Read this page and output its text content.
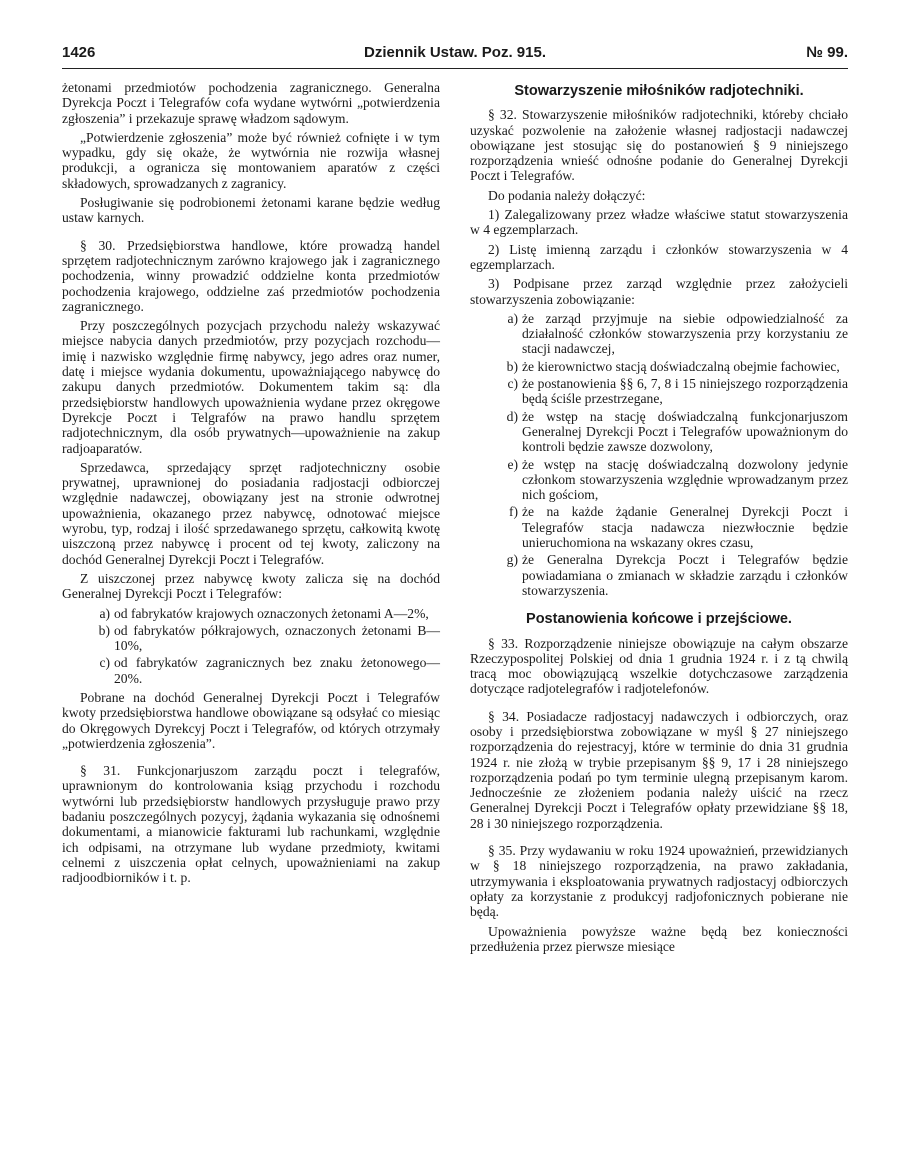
1426	Dziennik Ustaw. Poz. 915.	№ 99.

żetonami przedmiotów pochodzenia zagranicznego. Generalna Dyrekcja Poczt i Telegrafów cofa wydane wytwórni „potwierdzenia zgłoszenia” i przekazuje sprawę władzom sądowym.

„Potwierdzenie zgłoszenia” może być również cofnięte i w tym wypadku, gdy się okaże, że wytwórnia nie rozwija własnej produkcji, a ogranicza się montowaniem aparatów z części składowych, sprowadzanych z zagranicy.

Posługiwanie się podrobionemi żetonami karane będzie według ustaw karnych.

§ 30. Przedsiębiorstwa handlowe, które prowadzą handel sprzętem radjotechnicznym zarówno krajowego jak i zagranicznego pochodzenia, winny prowadzić oddzielne konta przedmiotów pochodzenia krajowego, oddzielne zaś przedmiotów pochodzenia zagranicznego.

Przy poszczególnych pozycjach przychodu należy wskazywać miejsce nabycia danych przedmiotów, przy pozycjach rozchodu—imię i nazwisko względnie firmę nabywcy, jego adres oraz numer, datę i miejsce wydania dokumentu, upoważniającego nabywcę do zakupu danych przedmiotów. Dokumentem takim są: dla przedsiębiorstw handlowych upoważnienia wydane przez okręgowe Dyrekcje Poczt i Telgrafów na prawo handlu sprzętem radjotechnicznym, dla osób prywatnych—upoważnienie na zakup radjoaparatów.

Sprzedawca, sprzedający sprzęt radjotechniczny osobie prywatnej, uprawnionej do posiadania radjostacji odbiorczej względnie nadawczej, obowiązany jest na stronie odwrotnej upoważnienia, okazanego przez nabywcę, odnotować miejsce wyrobu, typ, rodzaj i ilość sprzedawanego sprzętu, całkowitą kwotę uiszczoną przez nabywcę i procent od tej kwoty, zaliczony na dochód Generalnej Dyrekcji Poczt i Telegrafów.

Z uiszczonej przez nabywcę kwoty zalicza się na dochód Generalnej Dyrekcji Poczt i Telegrafów:

a) od fabrykatów krajowych oznaczonych żetonami A—2%,
b) od fabrykatów półkrajowych, oznaczonych żetonami B—10%,
c) od fabrykatów zagranicznych bez znaku żetonowego—20%.

Pobrane na dochód Generalnej Dyrekcji Poczt i Telegrafów kwoty przedsiębiorstwa handlowe obowiązane są odsyłać co miesiąc do Okręgowych Dyrekcyj Poczt i Telegrafów, od których otrzymały „potwierdzenia zgłoszenia”.

§ 31. Funkcjonarjuszom zarządu poczt i telegrafów, uprawnionym do kontrolowania ksiąg przychodu i rozchodu wytwórni lub przedsiębiorstw handlowych przysługuje prawo przy badaniu poszczególnych pozycyj, żądania wykazania się odnośnemi dokumentami, a mianowicie fakturami lub rachunkami, względnie ich odpisami, na otrzymane lub wydane przedmioty, kwitami celnemi z uiszczenia opłat celnych, upoważnieniami na zakup radjoodbiorników i t. p.

Stowarzyszenie miłośników radjotechniki.

§ 32. Stowarzyszenie miłośników radjotechniki, któreby chciało uzyskać pozwolenie na założenie własnej radjostacji nadawczej obowiązane jest stosując się do postanowień § 9 niniejszego rozporządzenia wnieść odnośne podanie do Generalnej Dyrekcji Poczt i Telegrafów.

Do podania należy dołączyć:

1) Zalegalizowany przez władze właściwe statut stowarzyszenia w 4 egzemplarzach.

2) Listę imienną zarządu i członków stowarzyszenia w 4 egzemplarzach.

3) Podpisane przez zarząd względnie przez założycieli stowarzyszenia zobowiązanie:

a) że zarząd przyjmuje na siebie odpowiedzialność za działalność członków stowarzyszenia przy korzystaniu ze stacji nadawczej,
b) że kierownictwo stacją doświadczalną obejmie fachowiec,
c) że postanowienia §§ 6, 7, 8 i 15 niniejszego rozporządzenia będą ściśle przestrzegane,
d) że wstęp na stację doświadczalną funkcjonarjuszom Generalnej Dyrekcji Poczt i Telegrafów upoważnionym do kontroli będzie zawsze dozwolony,
e) że wstęp na stację doświadczalną dozwolony jedynie członkom stowarzyszenia względnie wprowadzanym przez nich gościom,
f) że na każde żądanie Generalnej Dyrekcji Poczt i Telegrafów stacja nadawcza niezwłocznie będzie unieruchomiona na wskazany okres czasu,
g) że Generalna Dyrekcja Poczt i Telegrafów będzie powiadamiana o zmianach w składzie zarządu i członków stowarzyszenia.
Postanowienia końcowe i przejściowe.

§ 33. Rozporządzenie niniejsze obowiązuje na całym obszarze Rzeczypospolitej Polskiej od dnia 1 grudnia 1924 r. i z tą chwilą tracą moc obowiązującą wszelkie dotychczasowe zarządzenia dotyczące radjotelegrafów i radjotelefonów.

§ 34. Posiadacze radjostacyj nadawczych i odbiorczych, oraz osoby i przedsiębiorstwa zobowiązane w myśl § 27 niniejszego rozporządzenia do rejestracyj, które w terminie do dnia 31 grudnia 1924 r. nie złożą w trybie przepisanym §§ 9, 17 i 28 niniejszego rozporządzenia podań po tym terminie ulegną przepisanym karom. Jednocześnie ze złożeniem podania należy uiścić na rzecz Generalnej Dyrekcji Poczt i Telegrafów opłaty przewidziane §§ 18, 28 i 30 niniejszego rozporządzenia.

§ 35. Przy wydawaniu w roku 1924 upoważnień, przewidzianych w § 18 niniejszego rozporządzenia, na prawo zakładania, utrzymywania i eksploatowania prywatnych radjostacyj odbiorczych opłaty za korzystanie z produkcyj radjofonicznych pobierane nie będą.

Upoważnienia powyższe ważne będą bez konieczności przedłużenia przez pierwsze miesiące
